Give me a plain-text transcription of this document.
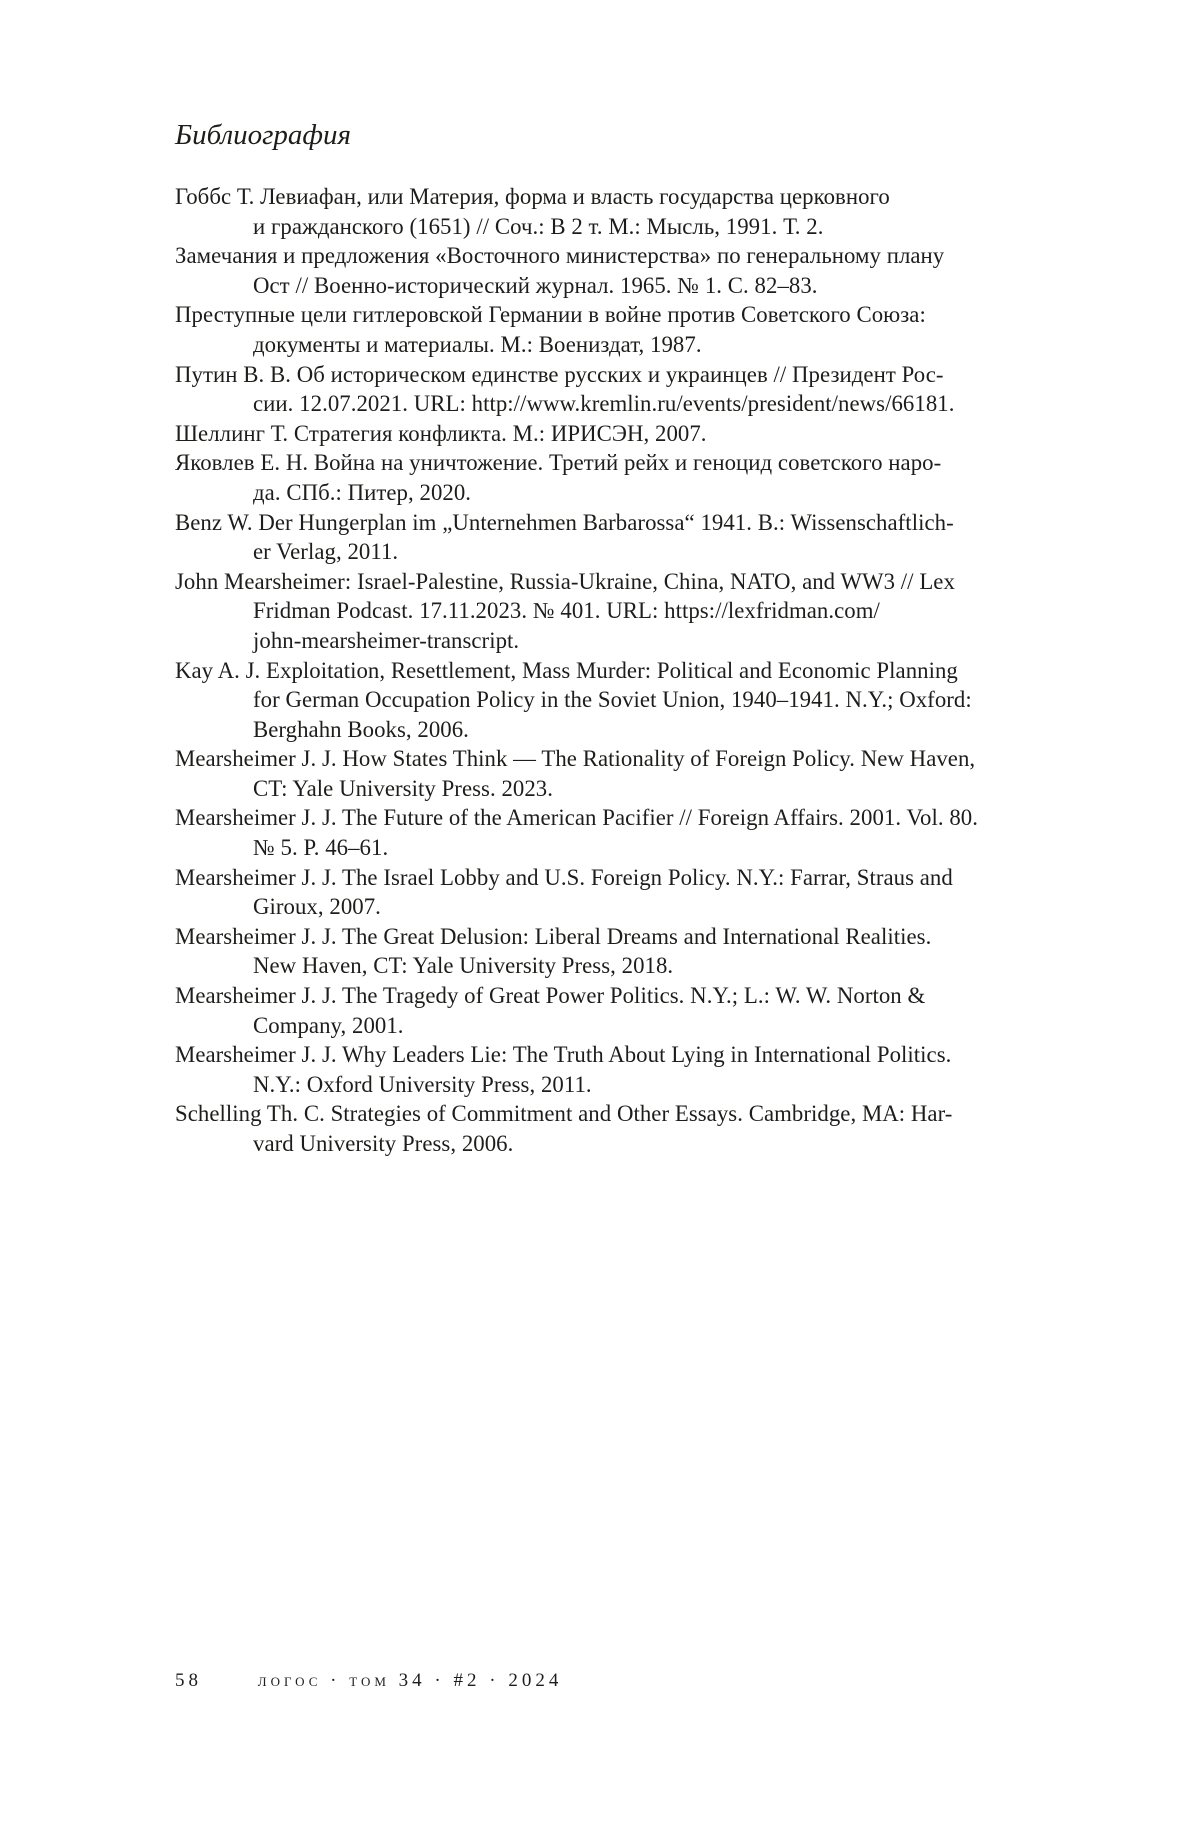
Библиография
Гоббс Т. Левиафан, или Материя, форма и власть государства церковного
и гражданского (1651) // Соч.: В 2 т. М.: Мысль, 1991. Т. 2.
Замечания и предложения «Восточного министерства» по генеральному плану
Ост // Военно-исторический журнал. 1965. № 1. С. 82–83.
Преступные цели гитлеровской Германии в войне против Советского Союза:
документы и материалы. М.: Воениздат, 1987.
Путин В. В. Об историческом единстве русских и украинцев // Президент Рос-
сии. 12.07.2021. URL: http://www.kremlin.ru/events/president/news/66181.
Шеллинг Т. Стратегия конфликта. М.: ИРИСЭН, 2007.
Яковлев Е. Н. Война на уничтожение. Третий рейх и геноцид советского наро-
да. СПб.: Питер, 2020.
Benz W. Der Hungerplan im „Unternehmen Barbarossa“ 1941. B.: Wissenschaftlich-
er Verlag, 2011.
John Mearsheimer: Israel-Palestine, Russia-Ukraine, China, NATO, and WW3 // Lex
Fridman Podcast. 17.11.2023. № 401. URL: https://lexfridman.com/
john-mearsheimer-transcript.
Kay A. J. Exploitation, Resettlement, Mass Murder: Political and Economic Planning
for German Occupation Policy in the Soviet Union, 1940–1941. N.Y.; Oxford:
Berghahn Books, 2006.
Mearsheimer J. J. How States Think — The Rationality of Foreign Policy. New Haven,
CT: Yale University Press. 2023.
Mearsheimer J. J. The Future of the American Pacifier // Foreign Affairs. 2001. Vol. 80.
№ 5. P. 46–61.
Mearsheimer J. J. The Israel Lobby and U.S. Foreign Policy. N.Y.: Farrar, Straus and
Giroux, 2007.
Mearsheimer J. J. The Great Delusion: Liberal Dreams and International Realities.
New Haven, CT: Yale University Press, 2018.
Mearsheimer J. J. The Tragedy of Great Power Politics. N.Y.; L.: W. W. Norton &
Company, 2001.
Mearsheimer J. J. Why Leaders Lie: The Truth About Lying in International Politics.
N.Y.: Oxford University Press, 2011.
Schelling Th. C. Strategies of Commitment and Other Essays. Cambridge, MA: Har-
vard University Press, 2006.
58	логос · том 34 · #2 · 2024
